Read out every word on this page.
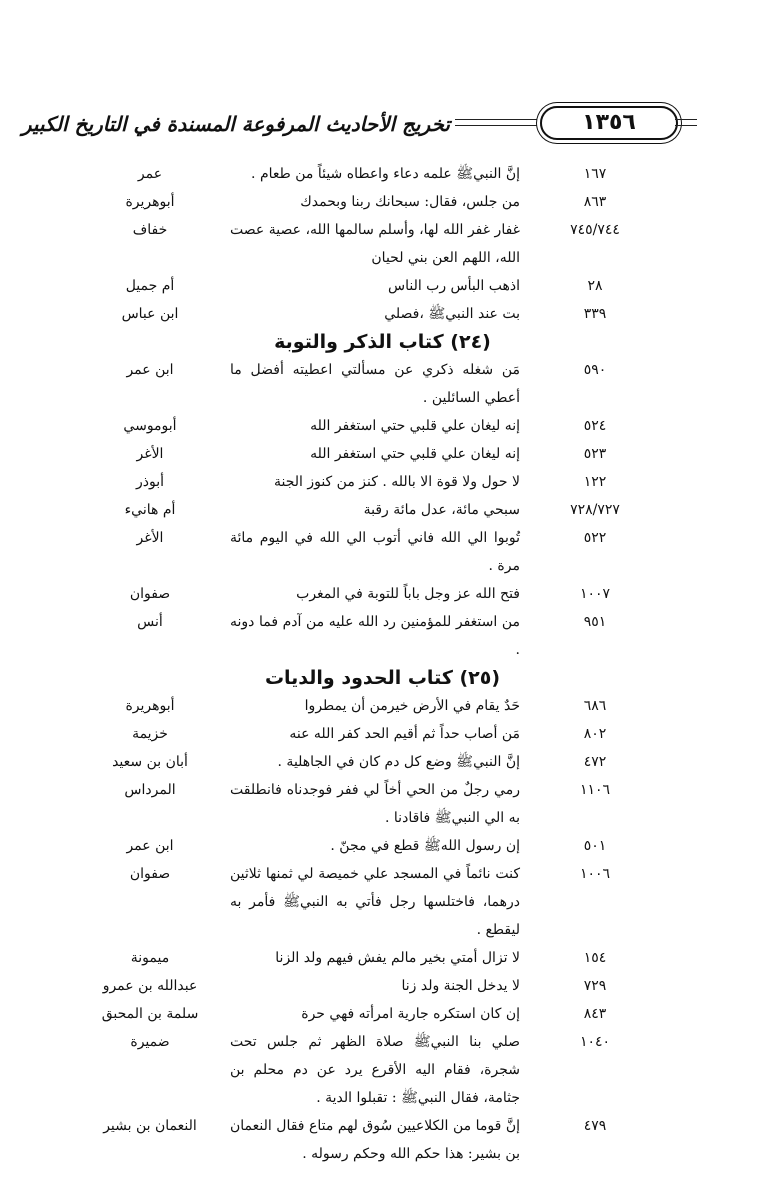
تخريج الأحاديث المرفوعة المسندة في التاريخ الكبير	١٣٥٦
١٦٧
إنَّ النبيﷺ علمه دعاء واعطاه شيئاً من طعام .
عمر
٨٦٣
من جلس، فقال: سبحانك ربنا وبحمدك
أبوهريرة
٧٤٥/٧٤٤
غفار غفر الله لها، وأسلم سالمها الله، عصية عصت الله، اللهم العن بني لحيان
خفاف
٢٨
اذهب البأس رب الناس
أم جميل
٣٣٩
بت عند النبيﷺ ،فصلي
ابن عباس
(٢٤) كتاب الذكر والتوبة
٥٩٠
مَن شغله ذكري عن مسألتي اعطيته أفضل ما أعطي السائلين .
ابن عمر
٥٢٤
إنه ليغان علي قلبي حتي استغفر الله
أبوموسي
٥٢٣
إنه ليغان علي قلبي حتي استغفر الله
الأغر
١٢٢
لا حول ولا قوة الا بالله . كنز من كنوز الجنة
أبوذر
٧٢٨/٧٢٧
سبحي مائة، عدل مائة رقبة
أم هانيء
٥٢٢
تُوبوا الي الله فاني أتوب الي الله في اليوم مائة مرة .
الأغر
١٠٠٧
فتح الله عز وجل باباً للتوبة في المغرب
صفوان
٩٥١
من استغفر للمؤمنين رد الله عليه من آدم فما دونه .
أنس
(٢٥) كتاب الحدود والديات
٦٨٦
حَدٌ يقام في الأرض خيرمن أن يمطروا
أبوهريرة
٨٠٢
مَن أصاب حداً ثم أقيم الحد كفر الله عنه
خزيمة
٤٧٢
إنَّ النبيﷺ وضع كل دم كان في الجاهلية .
أبان بن سعيد
١١٠٦
رمي رجلٌ من الحي أخاً لي ففر فوجدناه فانطلقت به الي النبيﷺ فاقادنا .
المرداس
٥٠١
إن رسول اللهﷺ قطع في مجنّ .
ابن عمر
١٠٠٦
كنت نائماً في المسجد علي خميصة لي ثمنها ثلاثين درهما، فاختلسها رجل فأتي به النبيﷺ فأمر به ليقطع .
صفوان
١٥٤
لا تزال أمتي بخير مالم يفش فيهم ولد الزنا
ميمونة
٧٢٩
لا يدخل الجنة ولد زنا
عبدالله بن عمرو
٨٤٣
إن كان استكره جارية امرأته فهي حرة
سلمة بن المحبق
١٠٤٠
صلي بنا النبيﷺ صلاة الظهر ثم جلس تحت شجرة، فقام اليه الأقرع يرد عن دم محلم بن جثامة، فقال النبيﷺ : تقبلوا الدية .
ضميرة
٤٧٩
إنَّ قوما من الكلاعيين سُوق لهم متاع فقال النعمان بن بشير: هذا حكم الله وحكم رسوله .
النعمان بن بشير
